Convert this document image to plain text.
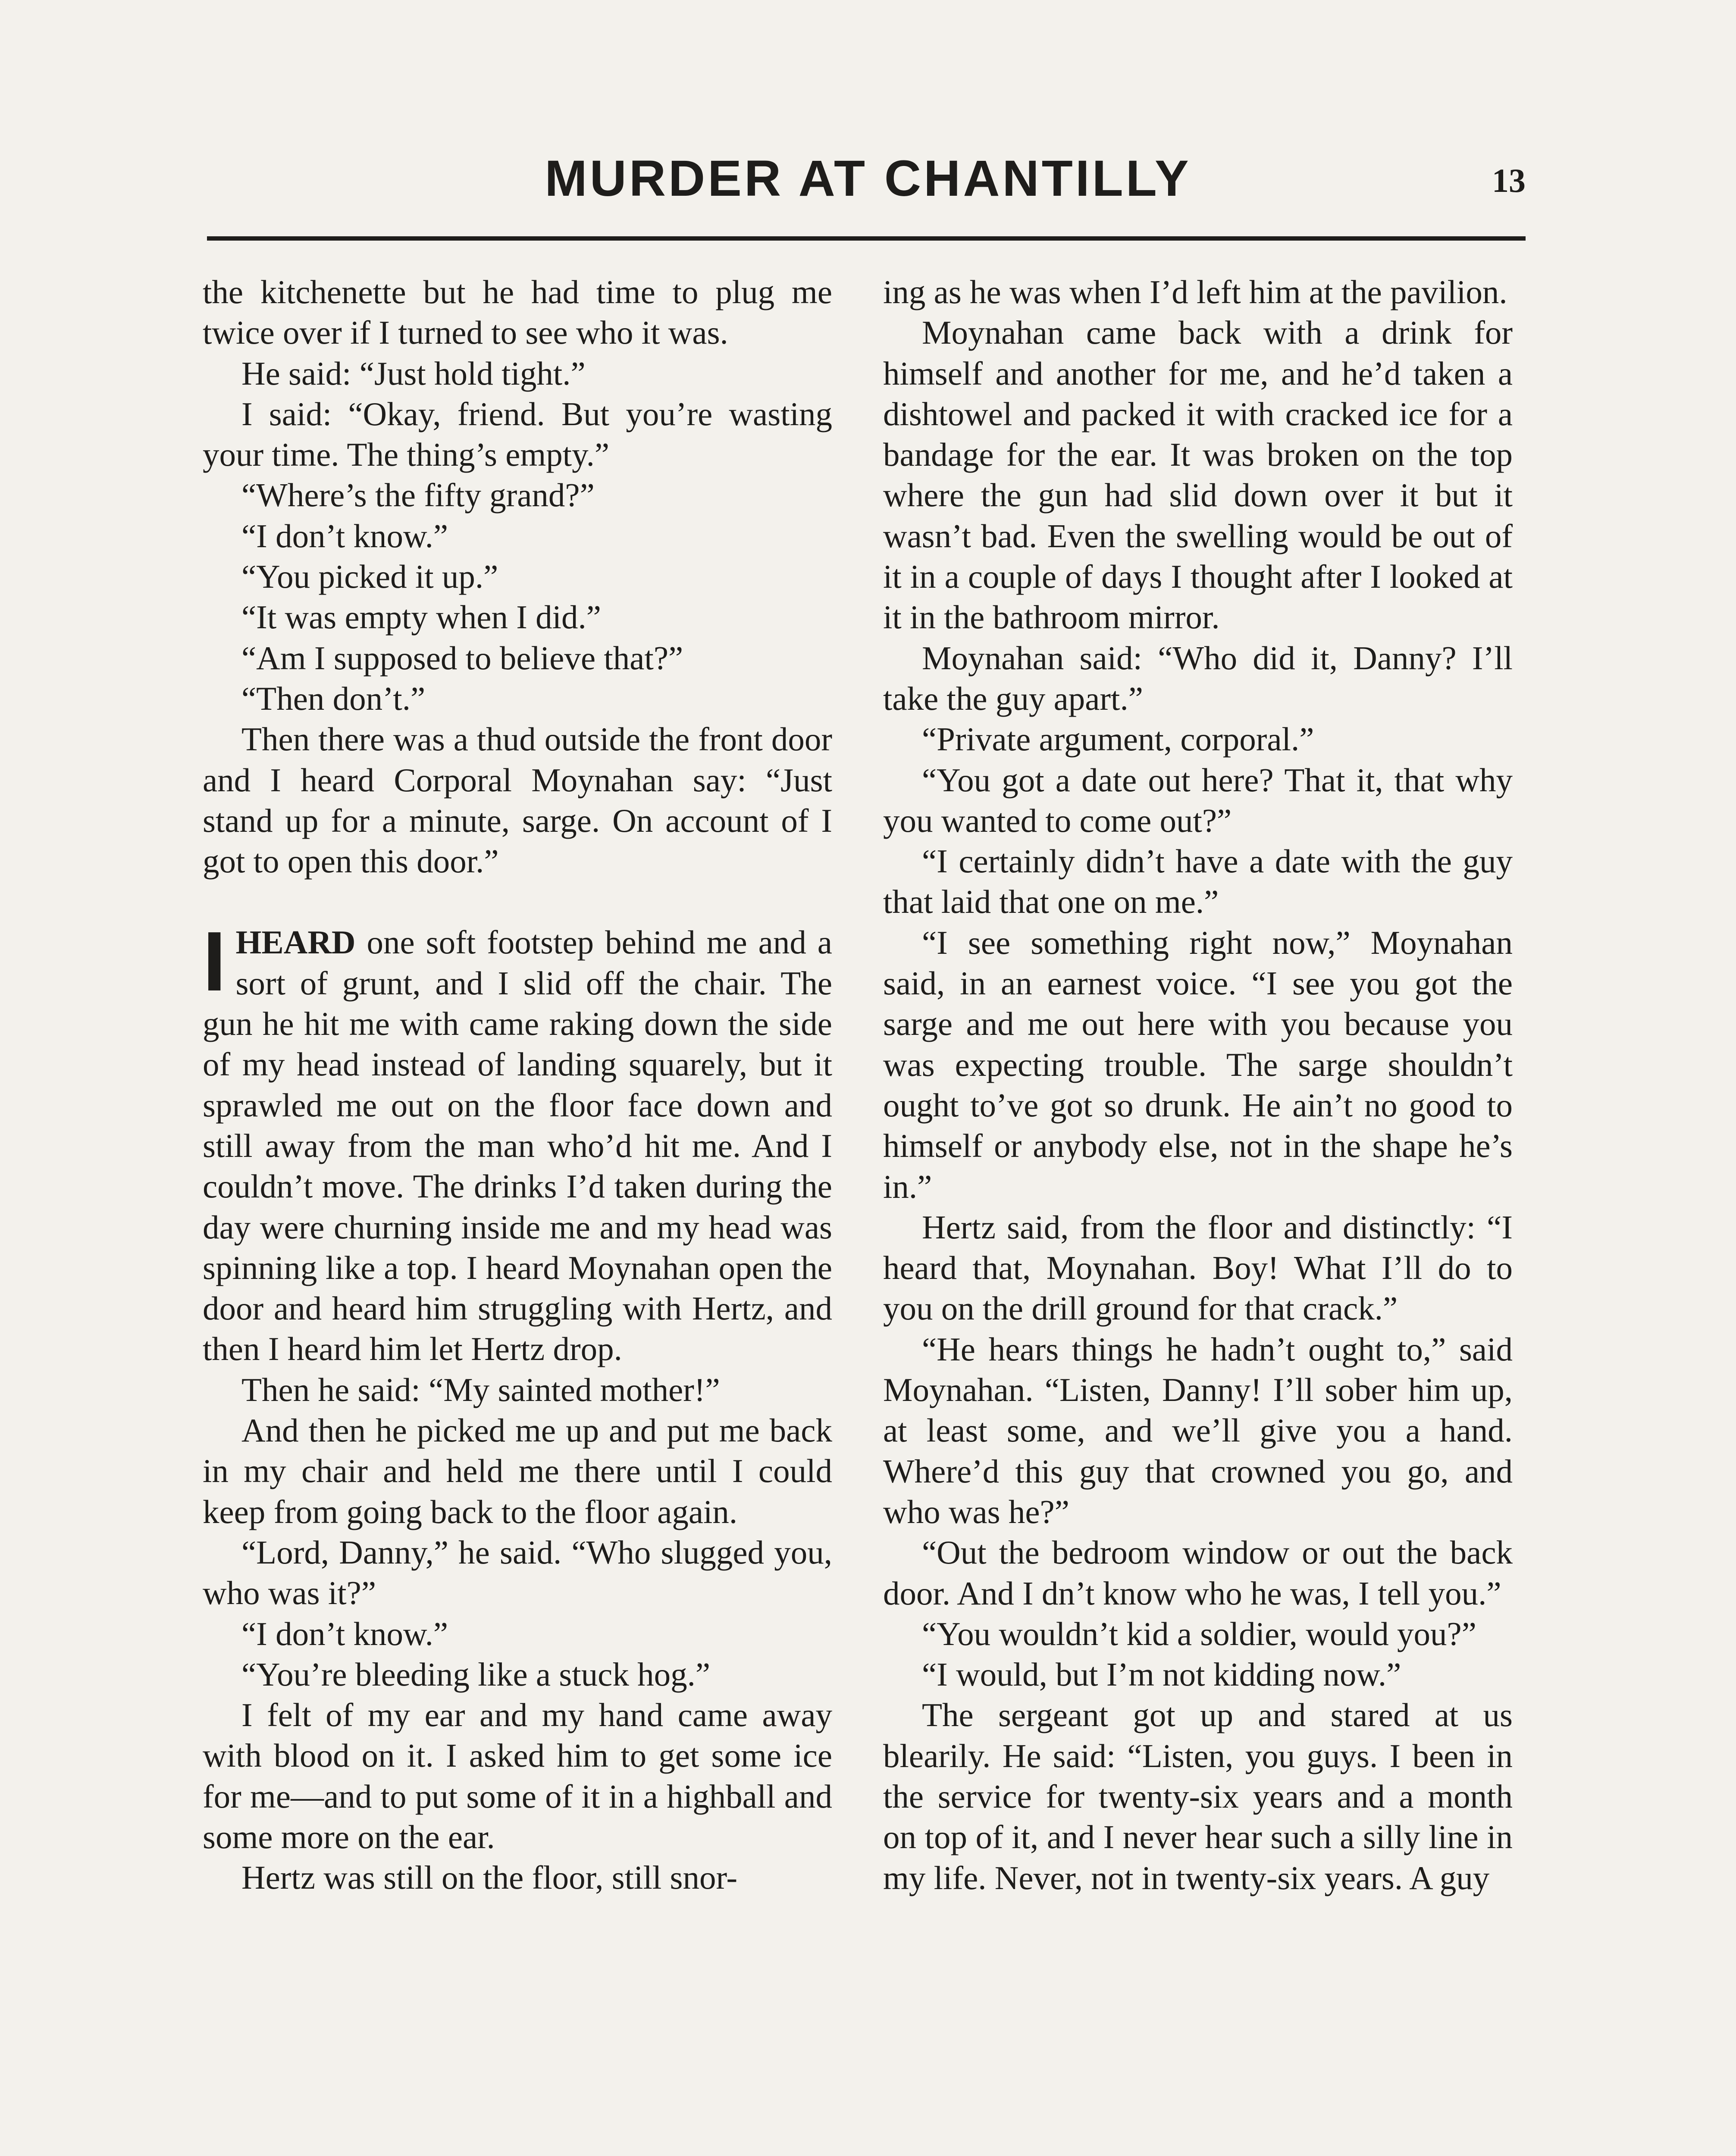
MURDER AT CHANTILLY	13

the kitchenette but he had time to plug me twice over if I turned to see who it was.

He said: “Just hold tight.”

I said: “Okay, friend. But you’re wasting your time. The thing’s empty.”

“Where’s the fifty grand?”

“I don’t know.”

“You picked it up.”

“It was empty when I did.”

“Am I supposed to believe that?”

“Then don’t.”

Then there was a thud outside the front door and I heard Corporal Moynahan say: “Just stand up for a minute, sarge. On account of I got to open this door.”

IHEARD one soft footstep behind me and a sort of grunt, and I slid off the chair. The gun he hit me with came raking down the side of my head instead of landing squarely, but it sprawled me out on the floor face down and still away from the man who’d hit me. And I couldn’t move. The drinks I’d taken during the day were churning inside me and my head was spinning like a top. I heard Moynahan open the door and heard him struggling with Hertz, and then I heard him let Hertz drop.

Then he said: “My sainted mother!”

And then he picked me up and put me back in my chair and held me there until I could keep from going back to the floor again.

“Lord, Danny,” he said. “Who slugged you, who was it?”

“I don’t know.”

“You’re bleeding like a stuck hog.”

I felt of my ear and my hand came away with blood on it. I asked him to get some ice for me—and to put some of it in a highball and some more on the ear.

Hertz was still on the floor, still snor-

ing as he was when I’d left him at the pavilion.

Moynahan came back with a drink for himself and another for me, and he’d taken a dishtowel and packed it with cracked ice for a bandage for the ear. It was broken on the top where the gun had slid down over it but it wasn’t bad. Even the swelling would be out of it in a couple of days I thought after I looked at it in the bathroom mirror.

Moynahan said: “Who did it, Danny? I’ll take the guy apart.”

“Private argument, corporal.”

“You got a date out here? That it, that why you wanted to come out?”

“I certainly didn’t have a date with the guy that laid that one on me.”

“I see something right now,” Moynahan said, in an earnest voice. “I see you got the sarge and me out here with you because you was expecting trouble. The sarge shouldn’t ought to’ve got so drunk. He ain’t no good to himself or anybody else, not in the shape he’s in.”

Hertz said, from the floor and distinctly: “I heard that, Moynahan. Boy! What I’ll do to you on the drill ground for that crack.”

“He hears things he hadn’t ought to,” said Moynahan. “Listen, Danny! I’ll sober him up, at least some, and we’ll give you a hand. Where’d this guy that crowned you go, and who was he?”

“Out the bedroom window or out the back door. And I dn’t know who he was, I tell you.”

“You wouldn’t kid a soldier, would you?”

“I would, but I’m not kidding now.”

The sergeant got up and stared at us blearily. He said: “Listen, you guys. I been in the service for twenty-six years and a month on top of it, and I never hear such a silly line in my life. Never, not in twenty-six years. A guy
